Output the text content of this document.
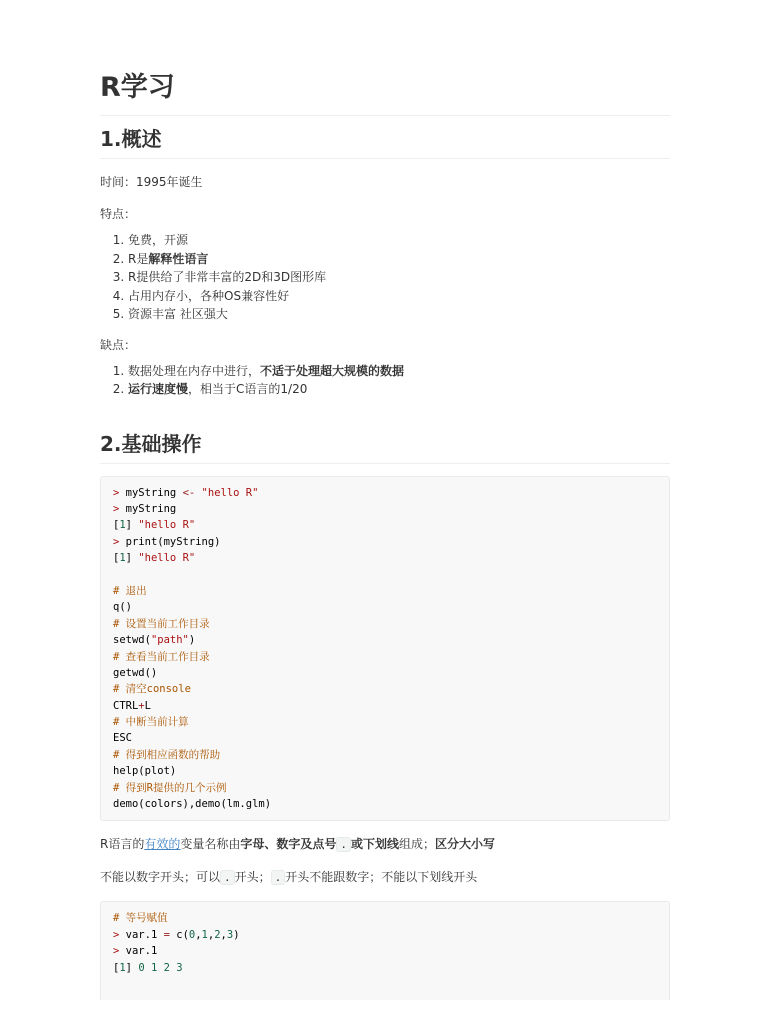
R学习
1.概述

时间：1995年诞生

特点：

1. 免费，开源
2. R是解释性语言
3. R提供给了非常丰富的2D和3D图形库
4. 占用内存小，各种OS兼容性好
5. 资源丰富 社区强大

缺点：

1. 数据处理在内存中进行，不适于处理超大规模的数据
2. 运行速度慢，相当于C语言的1/20
2.基础操作
> myString <- "hello R"
> myString
[1] "hello R"
> print(myString)
[1] "hello R"

# 退出
q()
# 设置当前工作目录
setwd("path")
# 查看当前工作目录
getwd()
# 清空console
CTRL+L
# 中断当前计算
ESC
# 得到相应函数的帮助
help(plot)
# 得到R提供的几个示例
demo(colors),demo(lm.glm)

R语言的有效的变量名称由字母、数字及点号 . 或下划线组成；区分大小写

不能以数字开头；可以 . 开头； . 开头不能跟数字；不能以下划线开头

# 等号赋值
> var.1 = c(0,1,2,3)
> var.1
[1] 0 1 2 3
